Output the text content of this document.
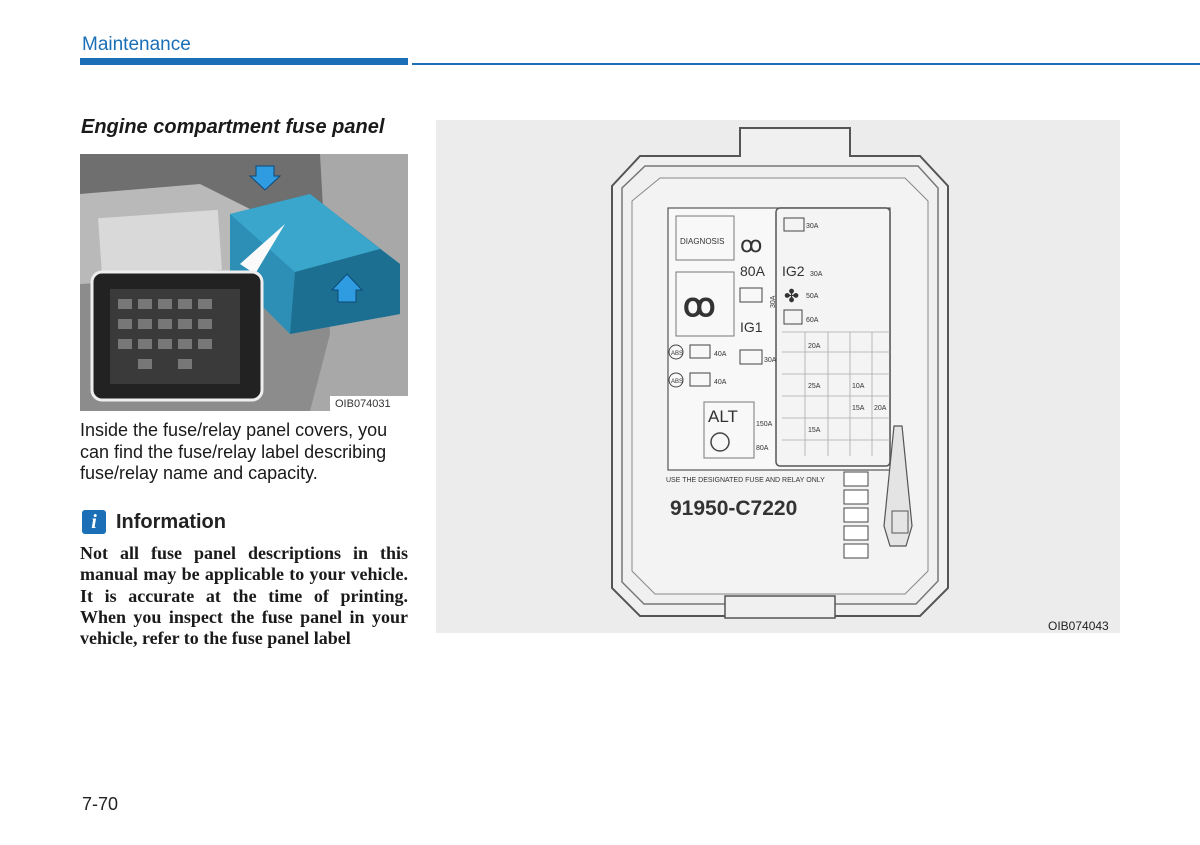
Maintenance
Engine compartment fuse panel
OIB074031
Inside the fuse/relay panel covers, you can find the fuse/relay label describing fuse/relay name and capacity.
i Information
Not all fuse panel descriptions in this manual may be applicable to your vehicle. It is accurate at the time of printing. When you inspect the fuse panel in your vehicle, refer to the fuse panel label
DIAGNOSIS
ꝏ
ꝏ
80A
30A
IG1
30A
ABS	40A
ABS	40A
ALT	150A
80A
30A
IG2 30A
✤ 50A
60A
20A
25A
15A
10A
15A 20A
USE THE DESIGNATED FUSE AND RELAY ONLY
91950-C7220
OIB074043
7-70
